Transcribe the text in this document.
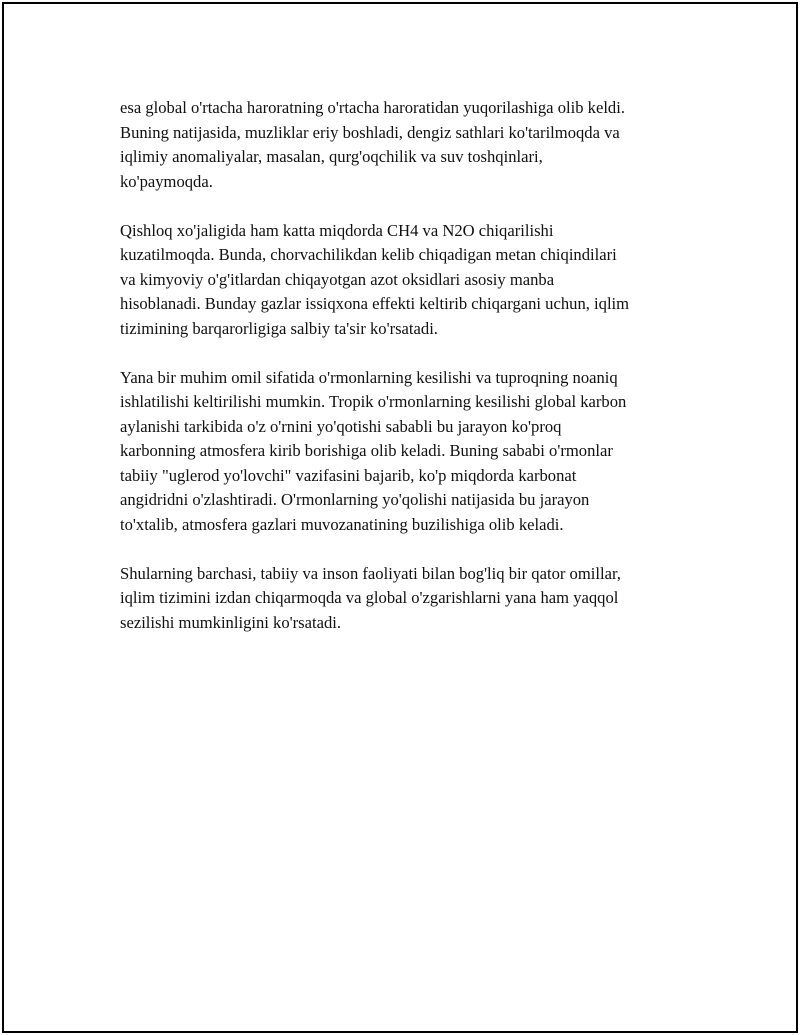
esa global o'rtacha haroratning o'rtacha haroratidan yuqorilashiga olib keldi.
Buning natijasida, muzliklar eriy boshladi, dengiz sathlari ko'tarilmoqda va
iqlimiy anomaliyalar, masalan, qurg'oqchilik va suv toshqinlari,
ko'paymoqda.

Qishloq xo'jaligida ham katta miqdorda CH4 va N2O chiqarilishi
kuzatilmoqda. Bunda, chorvachilikdan kelib chiqadigan metan chiqindilari
va kimyoviy o'g'itlardan chiqayotgan azot oksidlari asosiy manba
hisoblanadi. Bunday gazlar issiqxona effekti keltirib chiqargani uchun, iqlim
tizimining barqarorligiga salbiy ta'sir ko'rsatadi.

Yana bir muhim omil sifatida o'rmonlarning kesilishi va tuproqning noaniq
ishlatilishi keltirilishi mumkin. Tropik o'rmonlarning kesilishi global karbon
aylanishi tarkibida o'z o'rnini yo'qotishi sababli bu jarayon ko'proq
karbonning atmosfera kirib borishiga olib keladi. Buning sababi o'rmonlar
tabiiy "uglerod yo'lovchi" vazifasini bajarib, ko'p miqdorda karbonat
angidridni o'zlashtiradi. O'rmonlarning yo'qolishi natijasida bu jarayon
to'xtalib, atmosfera gazlari muvozanatining buzilishiga olib keladi.

Shularning barchasi, tabiiy va inson faoliyati bilan bog'liq bir qator omillar,
iqlim tizimini izdan chiqarmoqda va global o'zgarishlarni yana ham yaqqol
sezilishi mumkinligini ko'rsatadi.
